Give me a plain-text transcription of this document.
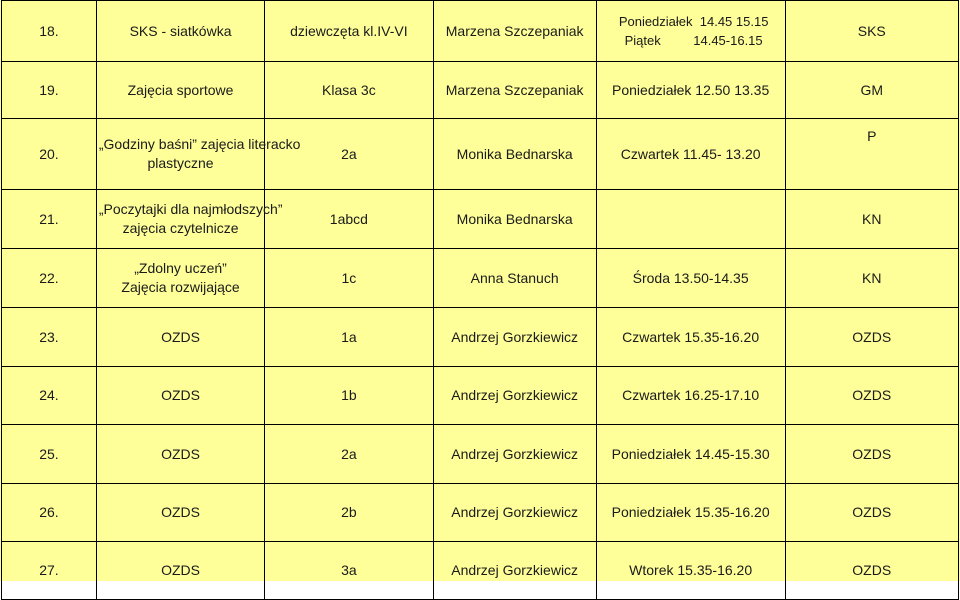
18.	SKS - siatkówka	dziewczęta kl.IV-VI	Marzena Szczepaniak	Poniedziałek  14.45 15.15
Piątek         14.45-16.15	SKS
19.	Zajęcia sportowe	Klasa 3c	Marzena Szczepaniak	Poniedziałek 12.50 13.35	GM
20.	„Godziny baśni” zajęcia literacko
plastyczne	2a	Monika Bednarska	Czwartek 11.45- 13.20	P
21.	„Poczytajki dla najmłodszych”
zajęcia czytelnicze	1abcd	Monika Bednarska		KN
22.	„Zdolny uczeń”
Zajęcia rozwijające	1c	Anna Stanuch	Środa 13.50-14.35	KN
23.	OZDS	1a	Andrzej Gorzkiewicz	Czwartek 15.35-16.20	OZDS
24.	OZDS	1b	Andrzej Gorzkiewicz	Czwartek 16.25-17.10	OZDS
25.	OZDS	2a	Andrzej Gorzkiewicz	Poniedziałek 14.45-15.30	OZDS
26.	OZDS	2b	Andrzej Gorzkiewicz	Poniedziałek 15.35-16.20	OZDS
27.	OZDS	3a	Andrzej Gorzkiewicz	Wtorek 15.35-16.20	OZDS
